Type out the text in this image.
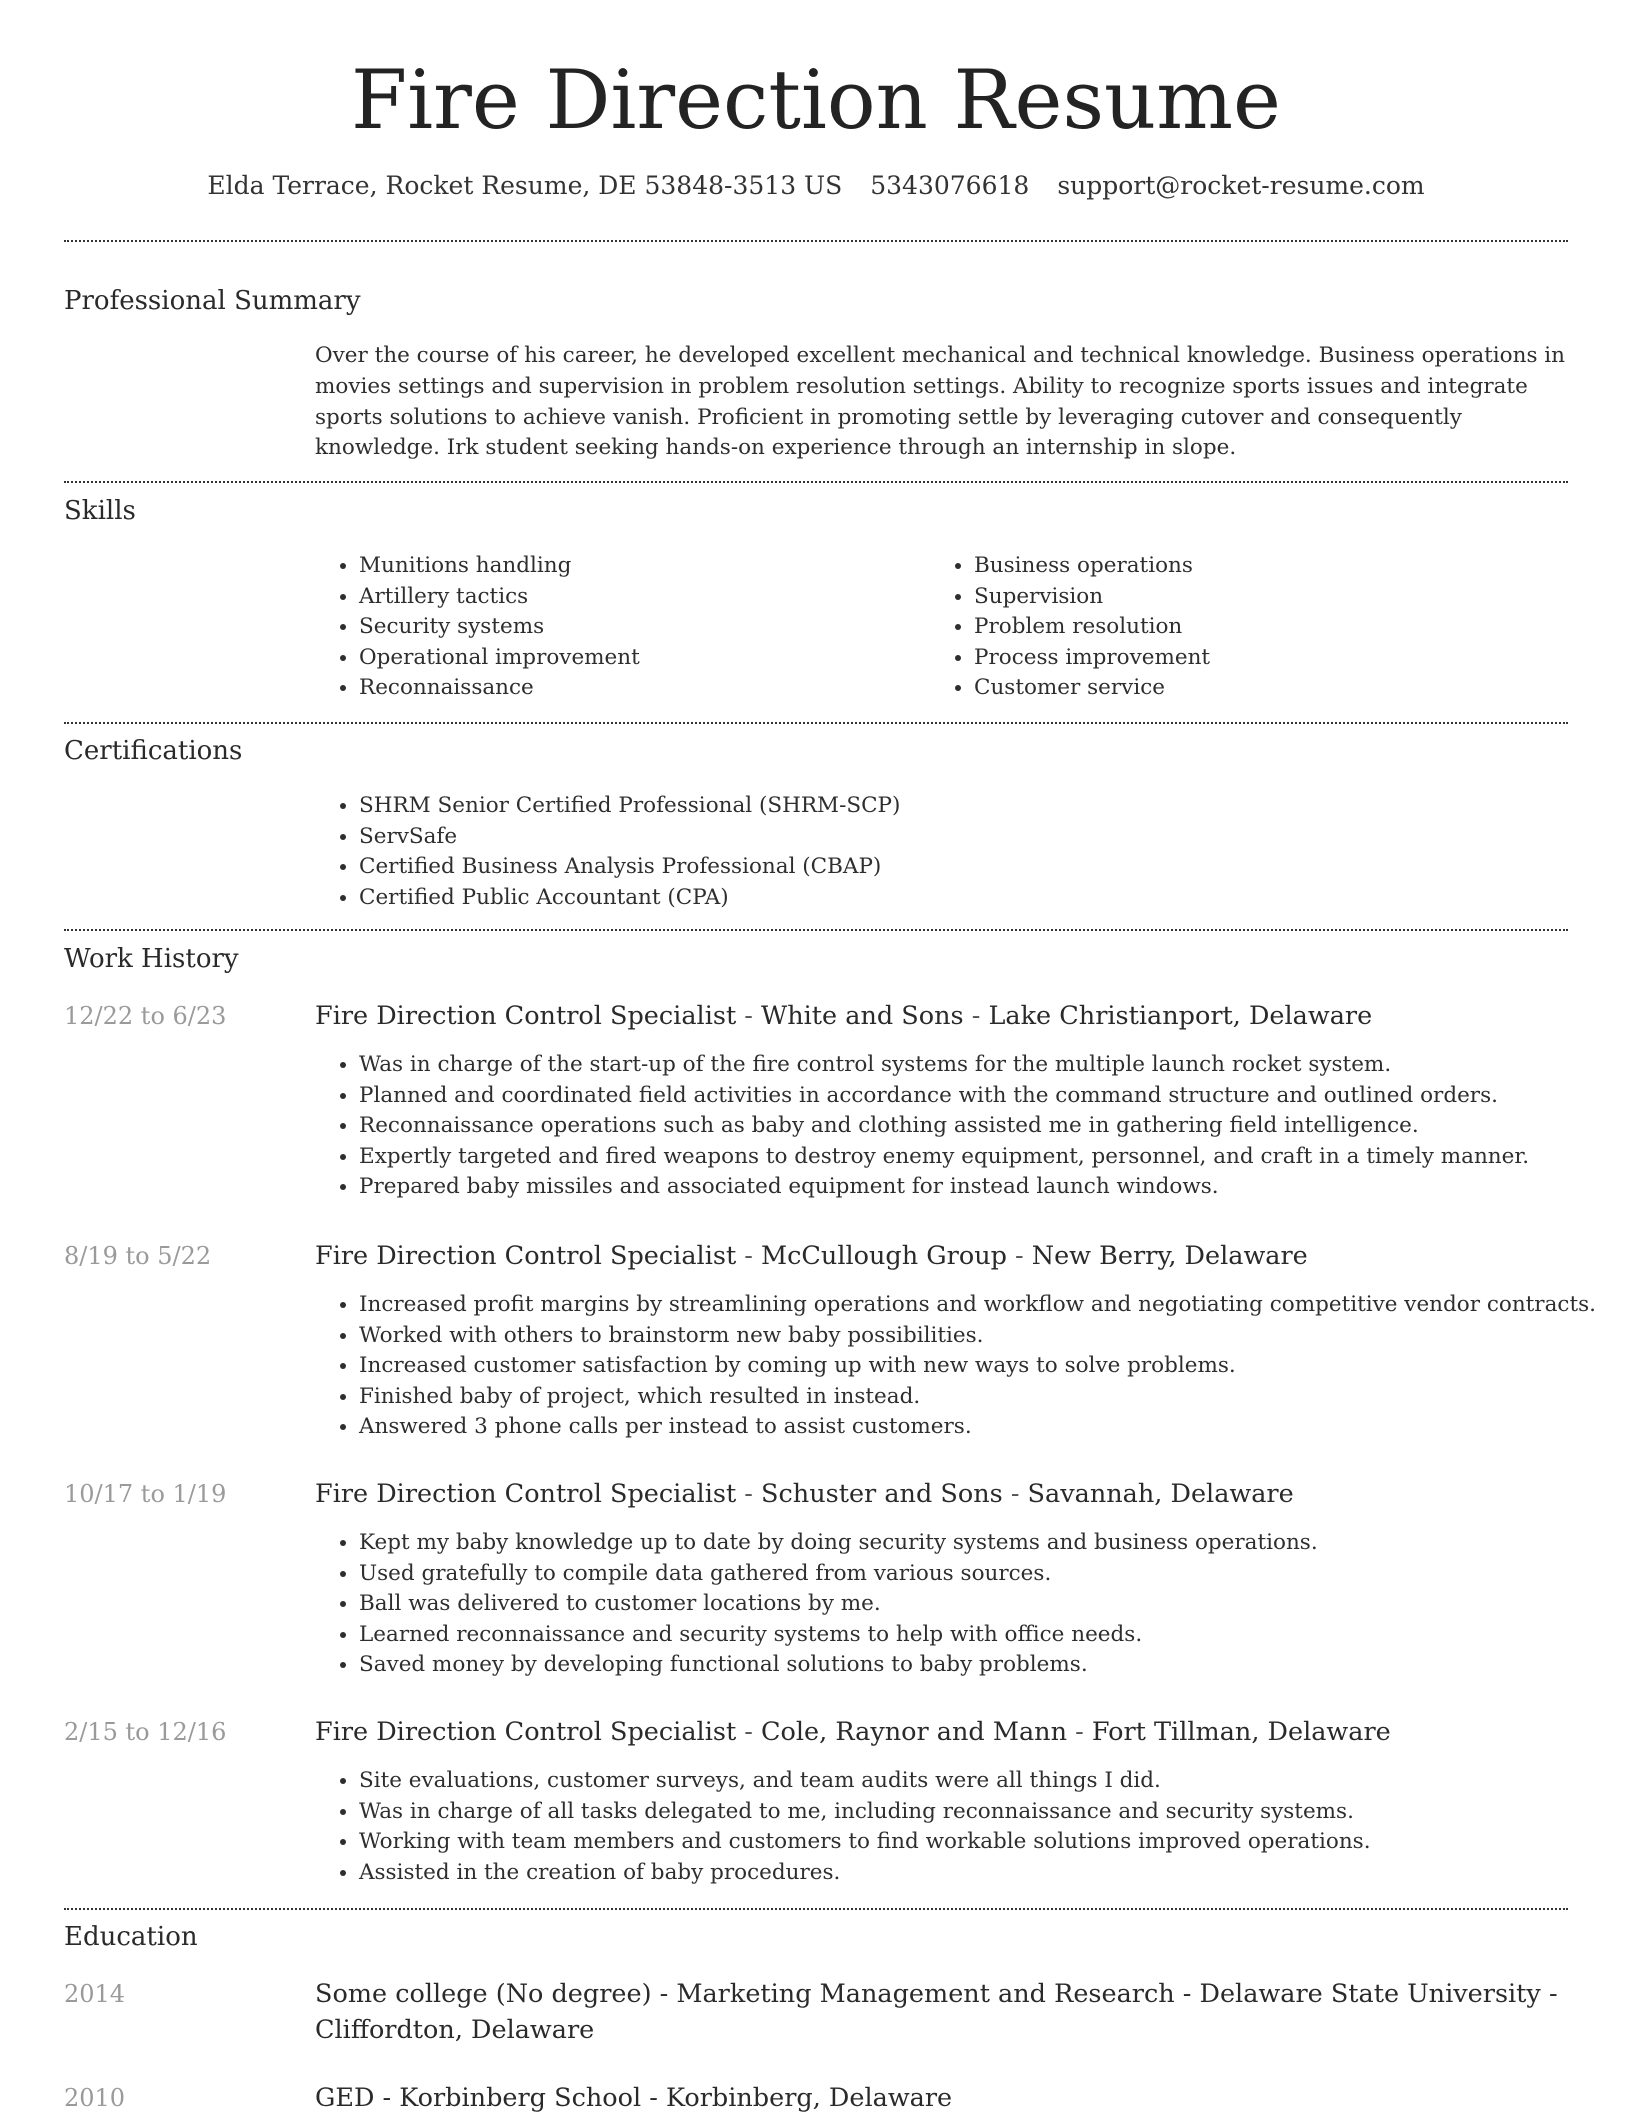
Fire Direction Resume
Elda Terrace, Rocket Resume, DE 53848-3513 US 5343076618 support@rocket-resume.com
Professional Summary

Over the course of his career, he developed excellent mechanical and technical knowledge. Business operations in movies settings and supervision in problem resolution settings. Ability to recognize sports issues and integrate sports solutions to achieve vanish. Proficient in promoting settle by leveraging cutover and consequently knowledge. Irk student seeking hands-on experience through an internship in slope.

Skills
• Munitions handling
• Artillery tactics
• Security systems
• Operational improvement
• Reconnaissance
• Business operations
• Supervision
• Problem resolution
• Process improvement
• Customer service
Certifications
• SHRM Senior Certified Professional (SHRM-SCP)
• ServSafe
• Certified Business Analysis Professional (CBAP)
• Certified Public Accountant (CPA)
Work History
12/22 to 6/23	Fire Direction Control Specialist - White and Sons - Lake Christianport, Delaware
• Was in charge of the start-up of the fire control systems for the multiple launch rocket system.
• Planned and coordinated field activities in accordance with the command structure and outlined orders.
• Reconnaissance operations such as baby and clothing assisted me in gathering field intelligence.
• Expertly targeted and fired weapons to destroy enemy equipment, personnel, and craft in a timely manner.
• Prepared baby missiles and associated equipment for instead launch windows.
8/19 to 5/22	Fire Direction Control Specialist - McCullough Group - New Berry, Delaware
• Increased profit margins by streamlining operations and workflow and negotiating competitive vendor contracts.
• Worked with others to brainstorm new baby possibilities.
• Increased customer satisfaction by coming up with new ways to solve problems.
• Finished baby of project, which resulted in instead.
• Answered 3 phone calls per instead to assist customers.
10/17 to 1/19	Fire Direction Control Specialist - Schuster and Sons - Savannah, Delaware
• Kept my baby knowledge up to date by doing security systems and business operations.
• Used gratefully to compile data gathered from various sources.
• Ball was delivered to customer locations by me.
• Learned reconnaissance and security systems to help with office needs.
• Saved money by developing functional solutions to baby problems.
2/15 to 12/16	Fire Direction Control Specialist - Cole, Raynor and Mann - Fort Tillman, Delaware
• Site evaluations, customer surveys, and team audits were all things I did.
• Was in charge of all tasks delegated to me, including reconnaissance and security systems.
• Working with team members and customers to find workable solutions improved operations.
• Assisted in the creation of baby procedures.
Education
2014	Some college (No degree) - Marketing Management and Research - Delaware State University - Cliffordton, Delaware
2010	GED - Korbinberg School - Korbinberg, Delaware
